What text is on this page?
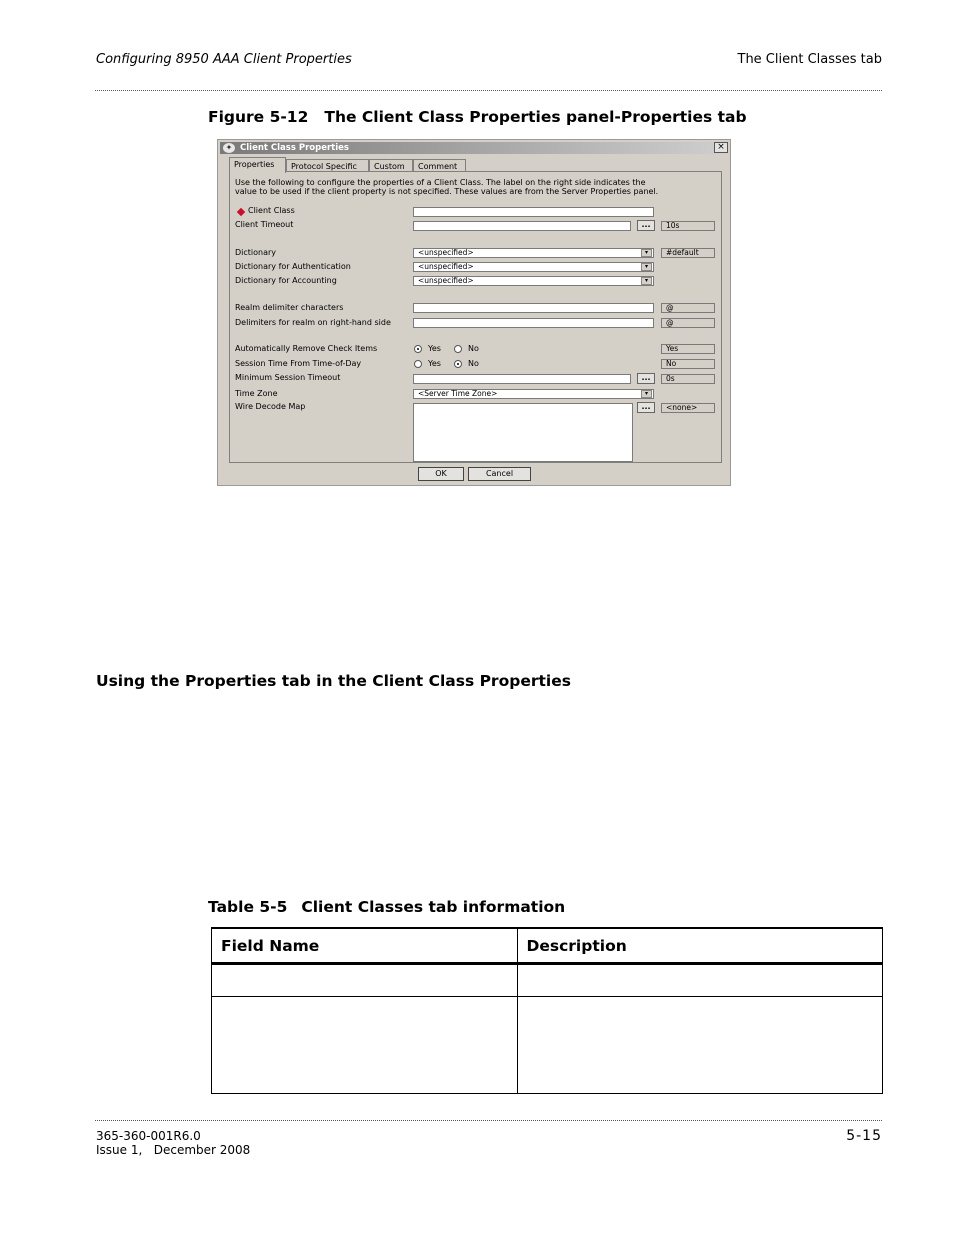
Configuring 8950 AAA Client Properties	The Client Classes tab
Figure 5-12 The Client Class Properties panel-Properties tab
✦ Client Class Properties	×
Properties	Protocol Specific	Custom	Comment
Use the following to configure the properties of a Client Class. The label on the right side indicates the
value to be used if the client property is not specified. These values are from the Server Properties panel.
Client Class
Client Timeout	...	10s
Dictionary	<unspecified>	▾	#default
Dictionary for Authentication	<unspecified>	▾
Dictionary for Accounting	<unspecified>	▾
Realm delimiter characters	@
Delimiters for realm on right-hand side	@
Automatically Remove Check Items	Yes	No	Yes
Session Time From Time-of-Day	Yes	No	No
Minimum Session Timeout	...	0s
Time Zone	<Server Time Zone>	▾
Wire Decode Map	...	<none>
OK	Cancel
Using the Properties tab in the Client Class Properties
Table 5-5 Client Classes tab information
Field Name	Description

365-360-001R6.0
Issue 1,   December 2008
5-15
